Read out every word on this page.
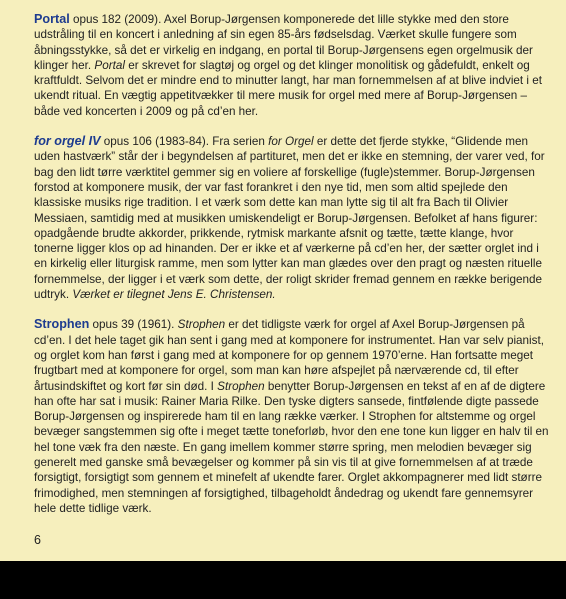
Portal opus 182 (2009). Axel Borup-Jørgensen komponerede det lille stykke med den store udstråling til en koncert i anledning af sin egen 85-års fødselsdag. Værket skulle fungere som åbningsstykke, så det er virkelig en indgang, en portal til Borup-Jørgensens egen orgelmusik der klinger her. Portal er skrevet for slagtøj og orgel og det klinger monolitisk og gådefuldt, enkelt og kraftfuldt. Selvom det er mindre end to minutter langt, har man fornemmelsen af at blive indviet i et ukendt ritual. En vægtig appetitvækker til mere musik for orgel med mere af Borup-Jørgensen – både ved koncerten i 2009 og på cd’en her.

for orgel IV opus 106 (1983-84). Fra serien for Orgel er dette det fjerde stykke, “Glidende men uden hastværk” står der i begyndelsen af partituret, men det er ikke en stemning, der varer ved, for bag den lidt tørre værktitel gemmer sig en voliere af forskellige (fugle)stemmer. Borup-Jørgensen forstod at komponere musik, der var fast forankret i den nye tid, men som altid spejlede den klassiske musiks rige tradition. I et værk som dette kan man lytte sig til alt fra Bach til Olivier Messiaen, samtidig med at musikken umiskendeligt er Borup-Jørgensen. Befolket af hans figurer: opadgående brudte akkorder, prikkende, rytmisk markante afsnit og tætte, tætte klange, hvor tonerne ligger klos op ad hinanden. Der er ikke et af værkerne på cd’en her, der sætter orglet ind i en kirkelig eller liturgisk ramme, men som lytter kan man glædes over den pragt og næsten rituelle fornemmelse, der ligger i et værk som dette, der roligt skrider fremad gennem en række berigende udtryk. Værket er tilegnet Jens E. Christensen.

Strophen opus 39 (1961). Strophen er det tidligste værk for orgel af Axel Borup-Jørgensen på cd’en. I det hele taget gik han sent i gang med at komponere for instrumentet. Han var selv pianist, og orglet kom han først i gang med at komponere for op gennem 1970’erne. Han fortsatte meget frugtbart med at komponere for orgel, som man kan høre afspejlet på nærværende cd, til efter årtusindskiftet og kort før sin død. I Strophen benytter Borup-Jørgensen en tekst af en af de digtere han ofte har sat i musik: Rainer Maria Rilke. Den tyske digters sansede, fintfølende digte passede Borup-Jørgensen og inspirerede ham til en lang række værker. I Strophen for altstemme og orgel bevæger sangstemmen sig ofte i meget tætte toneforløb, hvor den ene tone kun ligger en halv til en hel tone væk fra den næste. En gang imellem kommer større spring, men melodien bevæger sig generelt med ganske små bevægelser og kommer på sin vis til at give fornemmelsen af at træde forsigtigt, forsigtigt som gennem et minefelt af ukendte farer. Orglet akkompagnerer med lidt større frimodighed, men stemningen af forsigtighed, tilbageholdt åndedrag og ukendt fare gennemsyrer hele dette tidlige værk.

6
